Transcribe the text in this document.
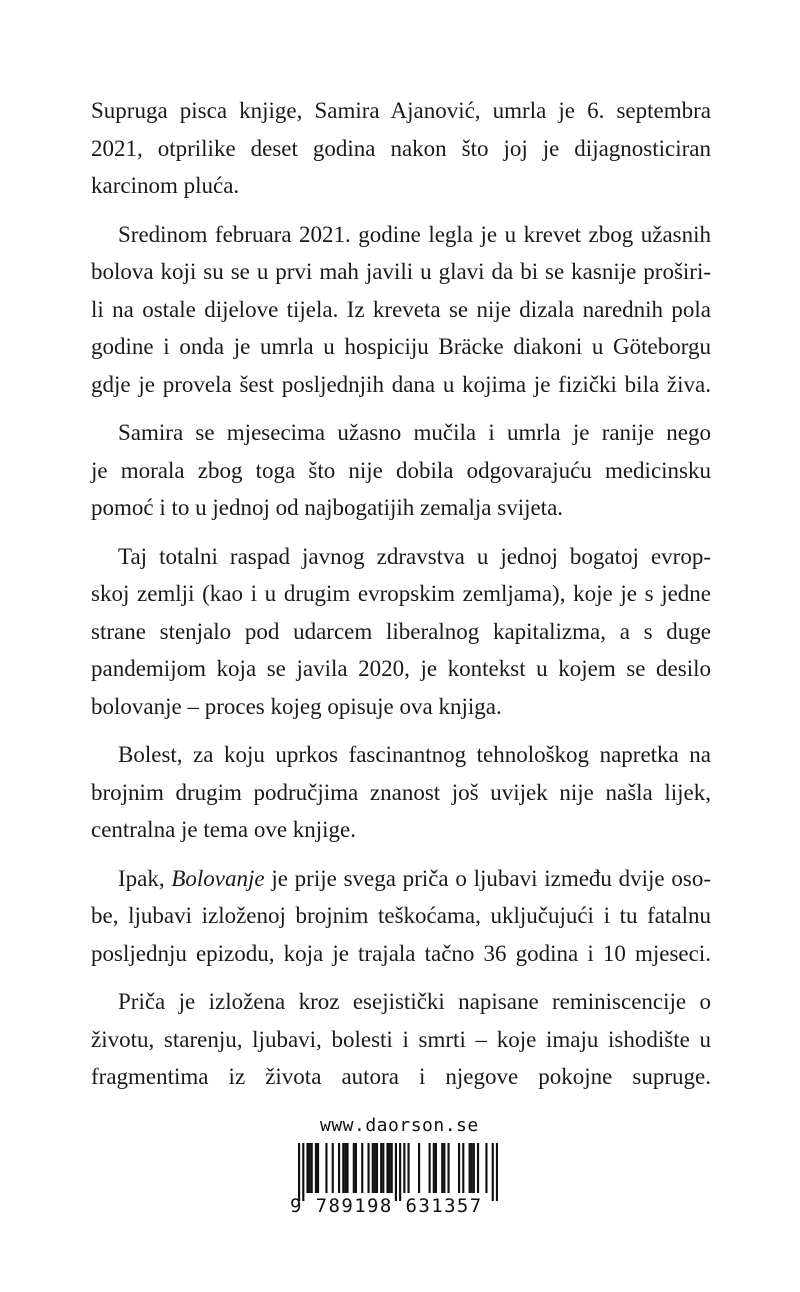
Supruga pisca knjige, Samira Ajanović, umrla je 6. septembra
2021, otprilike deset godina nakon što joj je dijagnosticiran
karcinom pluća.

Sredinom februara 2021. godine legla je u krevet zbog užasnih
bolova koji su se u prvi mah javili u glavi da bi se kasnije proširi-
li na ostale dijelove tijela. Iz kreveta se nije dizala narednih pola
godine i onda je umrla u hospiciju Bräcke diakoni u Göteborgu
gdje je provela šest posljednjih dana u kojima je fizički bila živa.

Samira se mjesecima užasno mučila i umrla je ranije nego
je morala zbog toga što nije dobila odgovarajuću medicinsku
pomoć i to u jednoj od najbogatijih zemalja svijeta.

Taj totalni raspad javnog zdravstva u jednoj bogatoj evrop-
skoj zemlji (kao i u drugim evropskim zemljama), koje je s jedne
strane stenjalo pod udarcem liberalnog kapitalizma, a s duge
pandemijom koja se javila 2020, je kontekst u kojem se desilo
bolovanje – proces kojeg opisuje ova knjiga.

Bolest, za koju uprkos fascinantnog tehnološkog napretka na
brojnim drugim područjima znanost još uvijek nije našla lijek,
centralna je tema ove knjige.

Ipak, Bolovanje je prije svega priča o ljubavi između dvije oso-
be, ljubavi izloženoj brojnim teškoćama, uključujući i tu fatalnu
posljednju epizodu, koja je trajala tačno 36 godina i 10 mjeseci.

Priča je izložena kroz esejistički napisane reminiscencije o
životu, starenju, ljubavi, bolesti i smrti – koje imaju ishodište u
fragmentima iz života autora i njegove pokojne supruge.

www.daorson.se
9 789198 631357
